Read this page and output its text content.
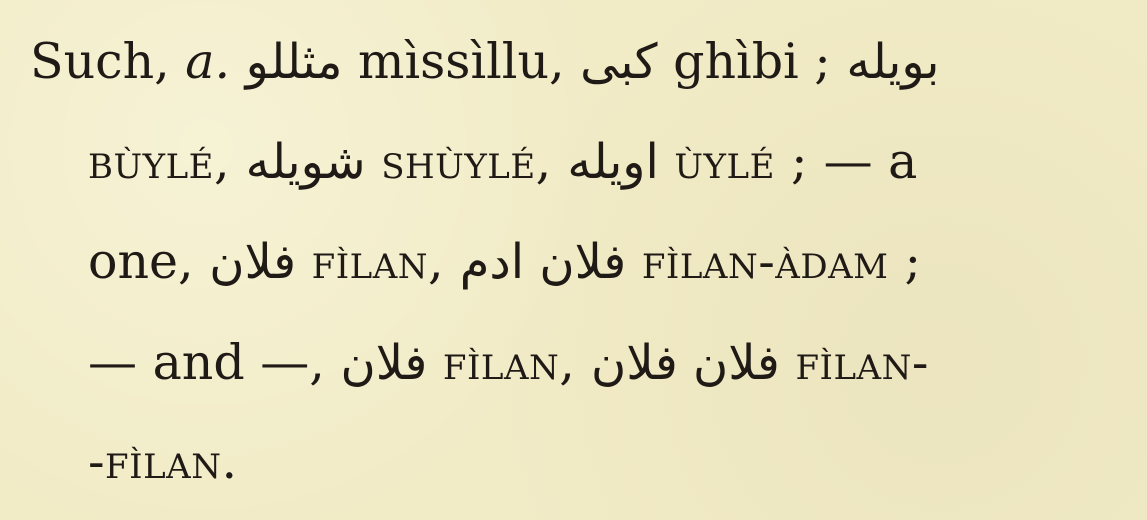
Such, a. مثللو mìssìllu, كبى ghìbi ; بويله
bùylé, شويله shùylé, اويله ùylé ; — a
one, فلان fìlan, فلان ادم fìlan-àdam ;
— and —, فلان fìlan, فلان فلان fìlan-
-fìlan.
